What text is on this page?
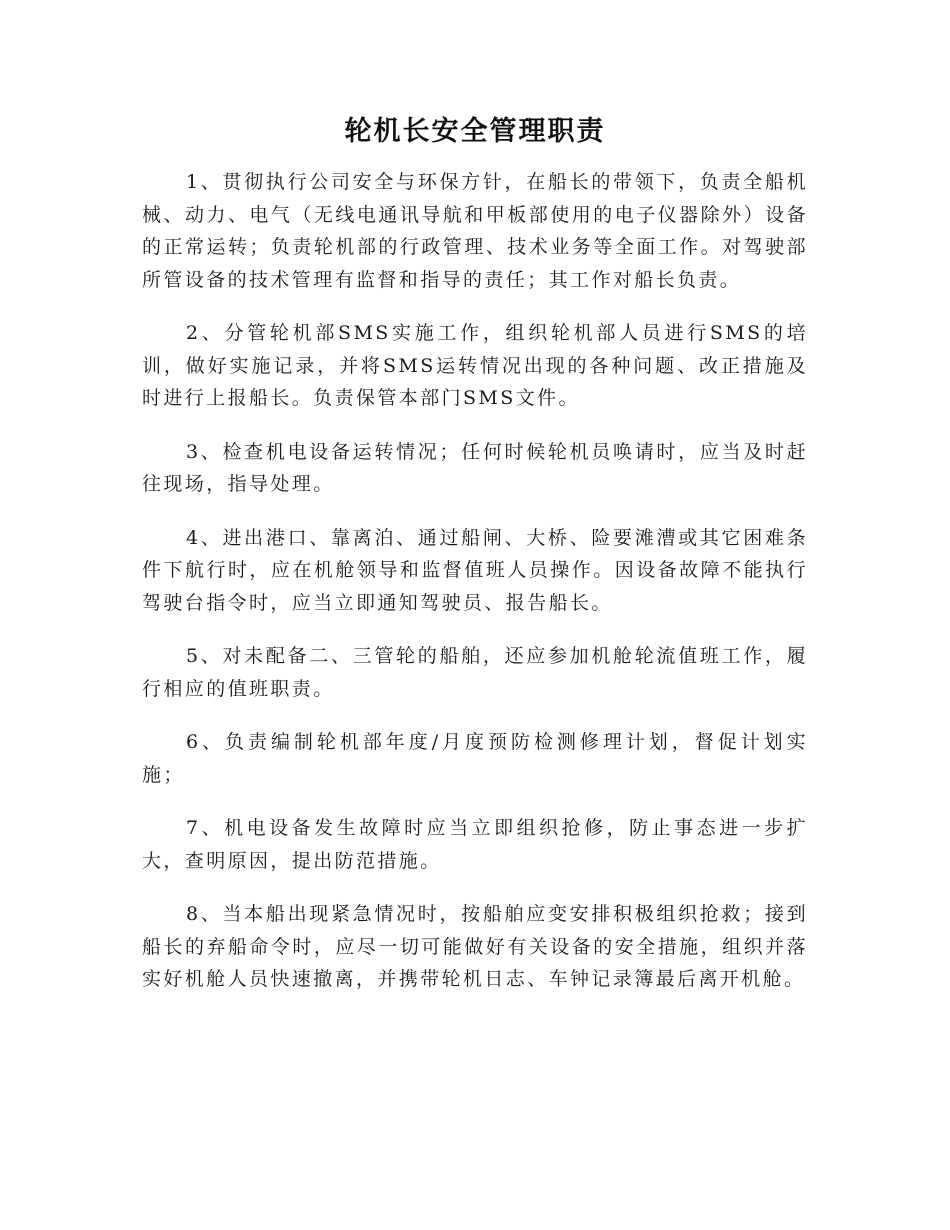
轮机长安全管理职责

1、贯彻执行公司安全与环保方针，在船长的带领下，负责全船机械、动力、电气（无线电通讯导航和甲板部使用的电子仪器除外）设备的正常运转；负责轮机部的行政管理、技术业务等全面工作。对驾驶部所管设备的技术管理有监督和指导的责任；其工作对船长负责。

2、分管轮机部SMS实施工作，组织轮机部人员进行SMS的培训，做好实施记录，并将SMS运转情况出现的各种问题、改正措施及时进行上报船长。负责保管本部门SMS文件。

3、检查机电设备运转情况；任何时候轮机员唤请时，应当及时赶往现场，指导处理。

4、进出港口、靠离泊、通过船闸、大桥、险要滩漕或其它困难条件下航行时，应在机舱领导和监督值班人员操作。因设备故障不能执行驾驶台指令时，应当立即通知驾驶员、报告船长。

5、对未配备二、三管轮的船舶，还应参加机舱轮流值班工作，履行相应的值班职责。

6、负责编制轮机部年度/月度预防检测修理计划，督促计划实施；

7、机电设备发生故障时应当立即组织抢修，防止事态进一步扩大，查明原因，提出防范措施。

8、当本船出现紧急情况时，按船舶应变安排积极组织抢救；接到船长的弃船命令时，应尽一切可能做好有关设备的安全措施，组织并落实好机舱人员快速撤离，并携带轮机日志、车钟记录簿最后离开机舱。
